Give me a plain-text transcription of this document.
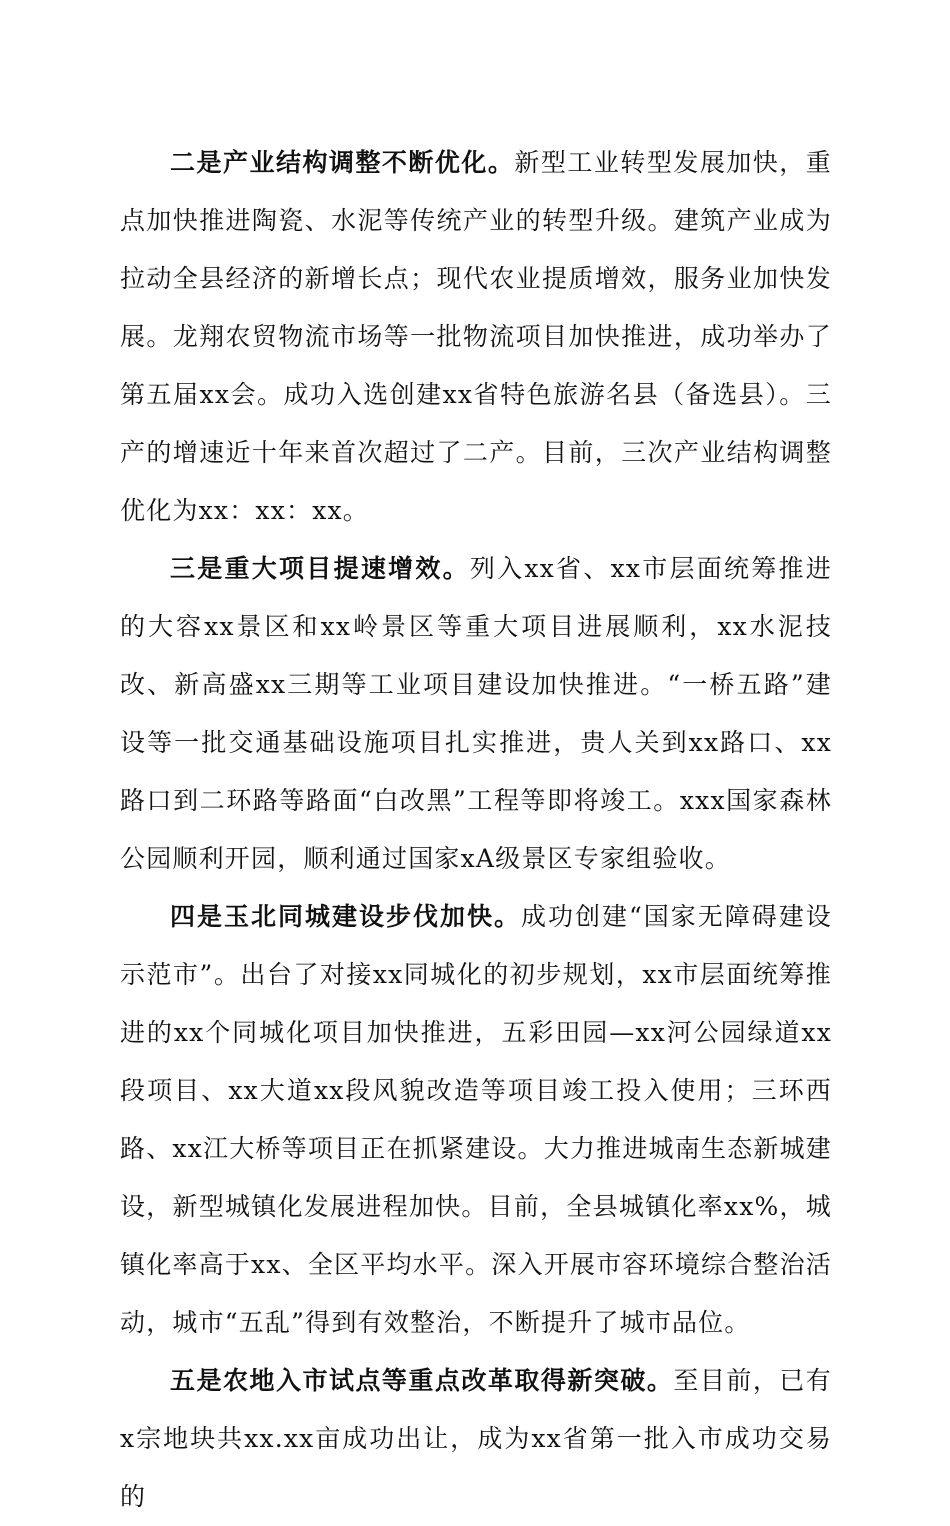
二是产业结构调整不断优化。新型工业转型发展加快，重点加快推进陶瓷、水泥等传统产业的转型升级。建筑产业成为拉动全县经济的新增长点；现代农业提质增效，服务业加快发展。龙翔农贸物流市场等一批物流项目加快推进，成功举办了第五届xx会。成功入选创建xx省特色旅游名县（备选县）。三产的增速近十年来首次超过了二产。目前，三次产业结构调整优化为xx：xx：xx。

三是重大项目提速增效。列入xx省、xx市层面统筹推进的大容xx景区和xx岭景区等重大项目进展顺利，xx水泥技改、新高盛xx三期等工业项目建设加快推进。“一桥五路”建设等一批交通基础设施项目扎实推进，贵人关到xx路口、xx路口到二环路等路面“白改黑”工程等即将竣工。xxx国家森林公园顺利开园，顺利通过国家xA级景区专家组验收。

四是玉北同城建设步伐加快。成功创建“国家无障碍建设示范市”。出台了对接xx同城化的初步规划，xx市层面统筹推进的xx个同城化项目加快推进，五彩田园—xx河公园绿道xx段项目、xx大道xx段风貌改造等项目竣工投入使用；三环西路、xx江大桥等项目正在抓紧建设。大力推进城南生态新城建设，新型城镇化发展进程加快。目前，全县城镇化率xx%，城镇化率高于xx、全区平均水平。深入开展市容环境综合整治活动，城市“五乱”得到有效整治，不断提升了城市品位。

五是农地入市试点等重点改革取得新突破。至目前，已有x宗地块共xx.xx亩成功出让，成为xx省第一批入市成功交易的
